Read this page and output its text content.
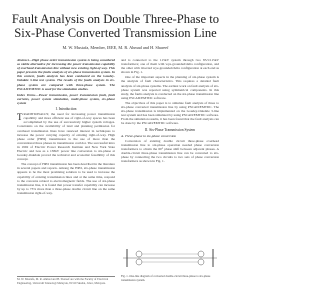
Fault Analysis on Double Three-Phase to Six-Phase Converted Transmission Line
M. W. Mustafa, Member, IEEE, M. R. Ahmad and H. Shareef
Abstract—High phase order transmission system is being considered as viable alternative for increasing the power transmission capability of overhead transmission line without new existing right-of-way. This paper presents the faults analysis of six-phase transmission system. In this context, faults analysis has been conducted on the Goudey-Oakdale 3-line test system. The results of the faults analysis in six-phase system are compared with three-phase system. The PSCAD/EMTDC is used for the simulation studies.
Index Terms—Power transmission, power transmission fault, fault currents, power system simulation, multi-phase system, six-phase system
I. Introduction
TRADITIONALLY, the need for increasing power transmission capability and more efficient use of right-of-way spaces has been accomplished by the use of successively higher system voltages. Constraints on the availability of land and planning permission for overhead transmission lines have renewed interest in techniques to increase the power carrying capacity of existing right-of-way. High phase order (HPO) transmission is the use of more than the conventional three phases in transmission corridor. The successful intro in 1992 of Electric Power Research Institute and New York State Electric and Gas as a 138kV power line conversion to six-phase at Goudey-Oakdale proved the technical and economic feasibility of this concept.
The concept of HPO transmission has been described in the literature in several papers and reports. Among the HPO, six-phase transmission appears to be the most promising solution to be used to increase the capability of existing transmission lines and at the same time, respond to the concerns related to electromagnetic fields. The use of six-phase transmission line, it is found that power transfer capability can increase by up to 73% more than a three-phase double circuit line on the same transmission right-of-way.
and is connected to the 115kV system through two 83.5/115kV transformers; one of them with wye-grounded/delta configuration, and the other with inverted wye-grounded/delta configuration at each end as shown in Fig. 1.
One of the important aspects in the planning of six-phase system is the analysis of fault characteristics. This requires a detailed fault analysis of six-phase systems. The earliest work on fault analysis of six-phase system was reported using symmetrical components. In this study, the faults analysis is conducted on the six-phase transmission line using PSCAD/EMTDC software.
The objectives of this paper is to simulate fault analysis of three to six-phase converted transmission line by using PSCAD/EMTDC. The six-phase transmission is implemented on the Goudey-Oakdale 3-line test system and has been simulated by using PSCAD/EMTDC software. From the simulation results, it has been found that the fault analysis can be done by the PSCAD/EMTDC software.
II. Six-Phase Transmission System
A. Three-phase to six-phase conversion
Conversion of existing double circuit three-phase overhead transmission line to six-phase operation needed phase conversion transformers to obtain the 60° phase shift between adjacent phases. A double-circuit three-phase transmission line can be converted to six-phase by connecting the two circuits to two sets of phase conversion transformers as shown in Fig. 1.
Fig. 1. One-line diagram of converted double-circuit three-phase to six-phase transmission system.
M. W. Mustafa, M. R. Ahmad and H. Shareef are with the Faculty of Electrical Engineering, Universiti Teknologi Malaysia, 81310 Skudai, Johor, Malaysia.
